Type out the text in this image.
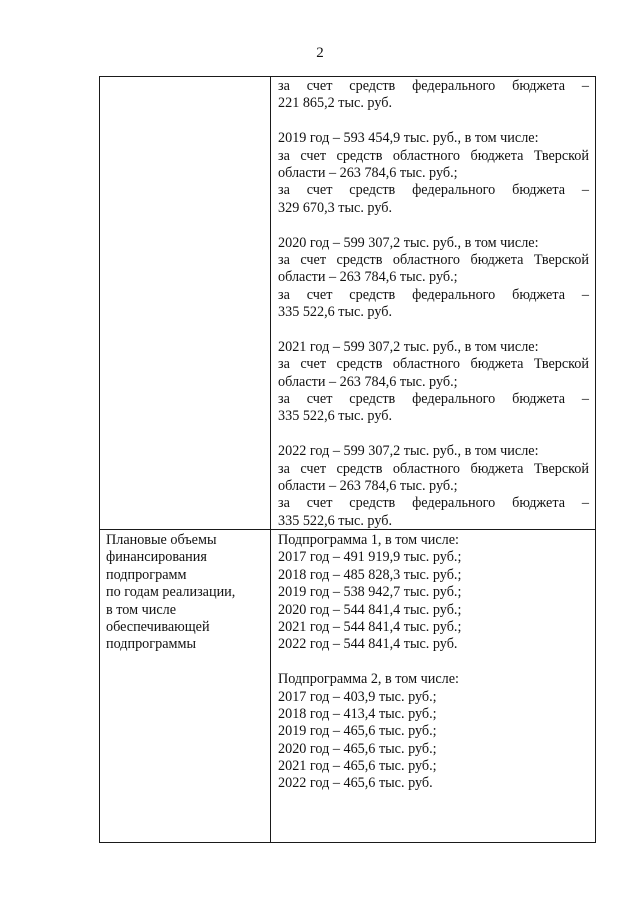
2
за счет средств федерального бюджета –
221 865,2 тыс. руб.
2019 год – 593 454,9 тыс. руб., в том числе:
за счет средств областного бюджета Тверской
области – 263 784,6 тыс. руб.;
за счет средств федерального бюджета –
329 670,3 тыс. руб.
2020 год – 599 307,2 тыс. руб., в том числе:
за счет средств областного бюджета Тверской
области – 263 784,6 тыс. руб.;
за счет средств федерального бюджета –
335 522,6 тыс. руб.
2021 год – 599 307,2 тыс. руб., в том числе:
за счет средств областного бюджета Тверской
области – 263 784,6 тыс. руб.;
за счет средств федерального бюджета –
335 522,6 тыс. руб.
2022 год – 599 307,2 тыс. руб., в том числе:
за счет средств областного бюджета Тверской
области – 263 784,6 тыс. руб.;
за счет средств федерального бюджета –
335 522,6 тыс. руб.
Плановые объемы
финансирования
подпрограмм
по годам реализации,
в том числе
обеспечивающей
подпрограммы
Подпрограмма 1, в том числе:
2017 год – 491 919,9 тыс. руб.;
2018 год – 485 828,3 тыс. руб.;
2019 год – 538 942,7 тыс. руб.;
2020 год – 544 841,4 тыс. руб.;
2021 год – 544 841,4 тыс. руб.;
2022 год – 544 841,4 тыс. руб.
Подпрограмма 2, в том числе:
2017 год – 403,9 тыс. руб.;
2018 год – 413,4 тыс. руб.;
2019 год – 465,6 тыс. руб.;
2020 год – 465,6 тыс. руб.;
2021 год – 465,6 тыс. руб.;
2022 год – 465,6 тыс. руб.
